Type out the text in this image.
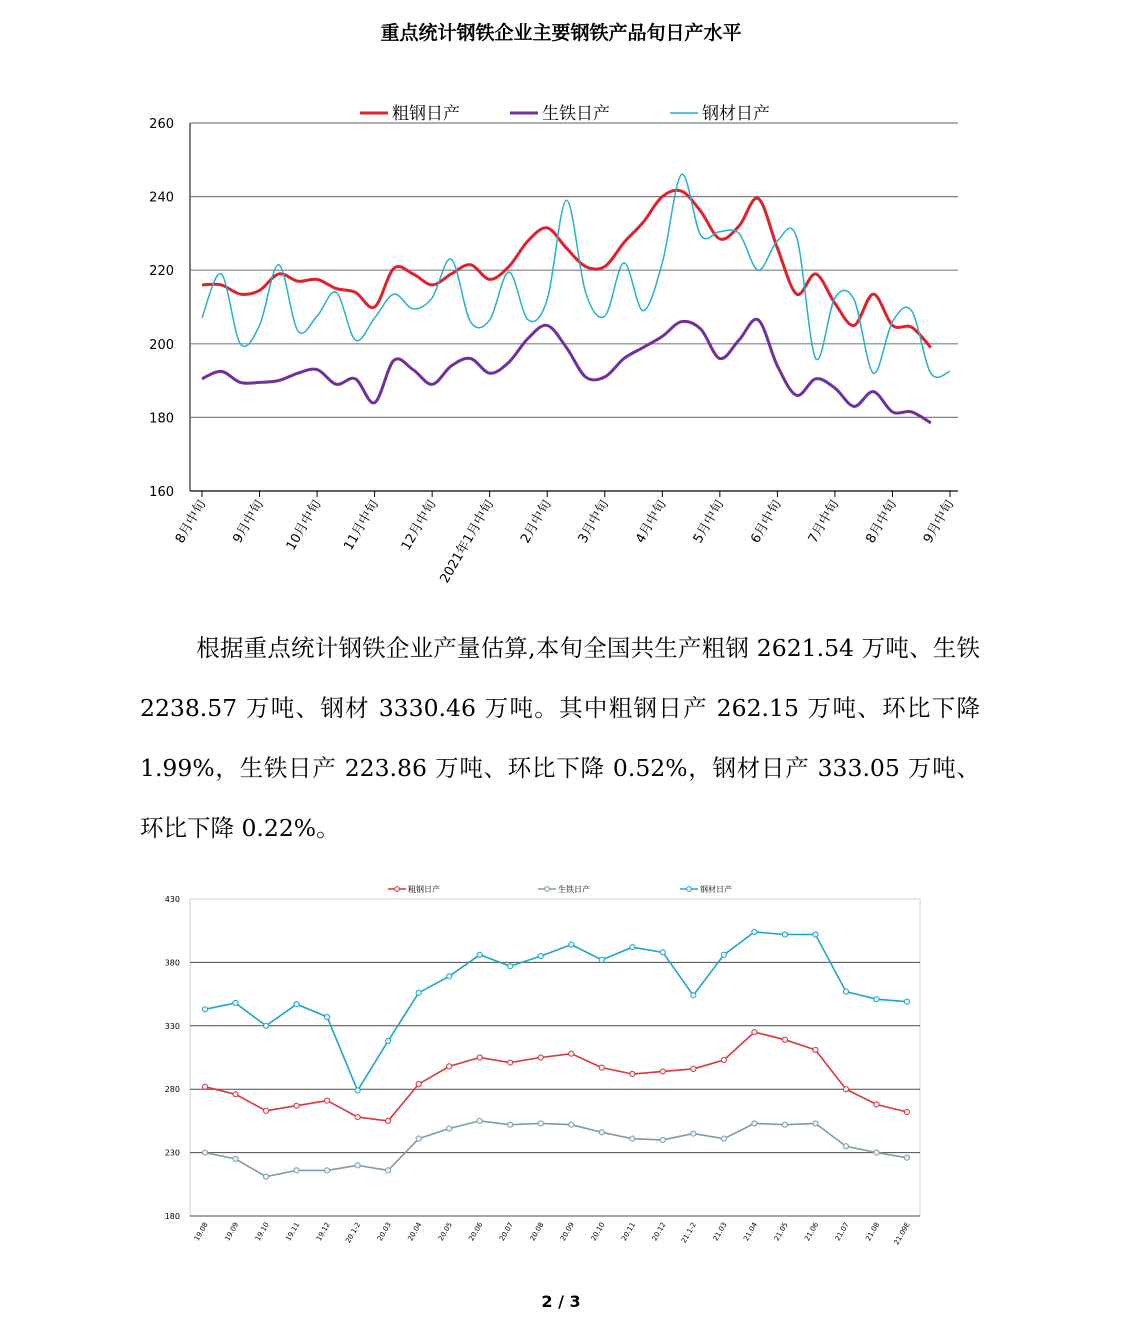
重点统计钢铁企业主要钢铁产品旬日产水平
160
180
200
220
240
260
8月中旬 9月中旬 10月中旬 11月中旬 12月中旬
2021年1月中旬 2月中旬 3月中旬 4月中旬 5月中旬 6月中旬 7月中旬 8月中旬 9月中旬
粗钢日产	生铁日产	钢材日产

根据重点统计钢铁企业产量估算,本旬全国共生产粗钢 2621.54 万吨、生铁 2238.57 万吨、钢材 3330.46 万吨。其中粗钢日产 262.15 万吨、环比下降 1.99%，生铁日产 223.86 万吨、环比下降 0.52%，钢材日产 333.05 万吨、环比下降 0.22%。

180
230
280
330
380
430
19.08 19.09 19.10 19.11 19.12 20.1-2 20.03 20.04 20.05 20.06 20.07 20.08 20.09 20.10 20.11 20.12 21.1-2 21.03 21.04 21.05 21.06 21.07 21.08 21.09E
粗钢日产	生铁日产	钢材日产
2 / 3
